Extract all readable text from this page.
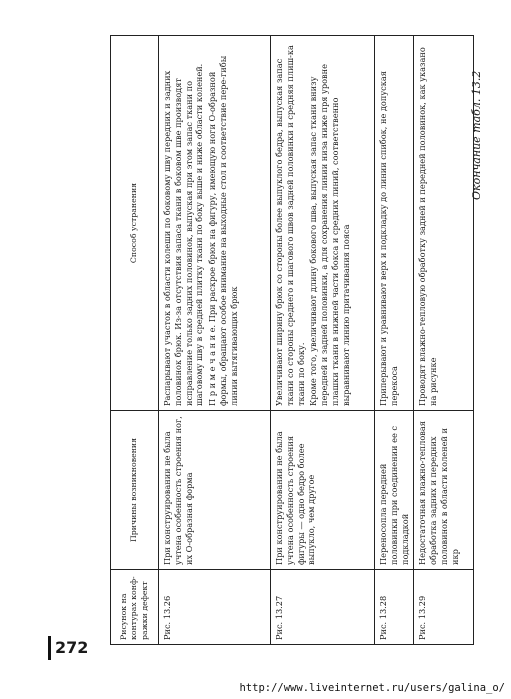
Рисунок на контурах конф-ражки дефект	Причины возникновения	Способ устранения
Рис. 13.26	При конструировании не была учтена особенность строения ног, их О-образная форма	Распарывают участок в области колеши по боковому шву передних и задних половинок брюк. Из-за отсутствия запаса ткани в боковом шве производят исправление только задних половинок, выпуская при этом запас ткани по шаговому шву в средней плитку ткани по боку выше и ниже области коленей. П р и м е ч а н и е. При раскрое брюк на фигуру, имеющую ноги О-образной формы, обращают особое внимание на выходные стол и соответствие пере-гибы линии вытягивающих брюк

Рис. 13.27	При конструировании не была учтена особенность строения фигуры — одно бедро более выпукло, чем другое	Увеличивают ширину брюк со стороны более выпуклого бедра, выпуская запас ткани со стороны среднего и шагового швов задней половинки и средняя плиш-ка ткани по боку. Кроме того, увеличивают длину бокового шва, выпуская запас ткани внизу передней и задней половинки, а для сохранения линии низа ниже пря уровне плашки ткани в нижней части бокса и средних линий, соответственно выравнивают линию притачивания пояса

Рис. 13.28	Переносопла передней половинки при соединении ее с подкладкой	Приперывают и уравнивают верх и подкладку до линии спибок, не допуская перекоса

Рис. 13.29	Недостаточная влажно-тепловая обработка задних и передних половинок в области коленей и икр	Проводят влажно-тепловую обработку задней и передней половинок, как указано на рисунке

Окончание табл. 13.2
272
http://www.liveinternet.ru/users/galina_o/
